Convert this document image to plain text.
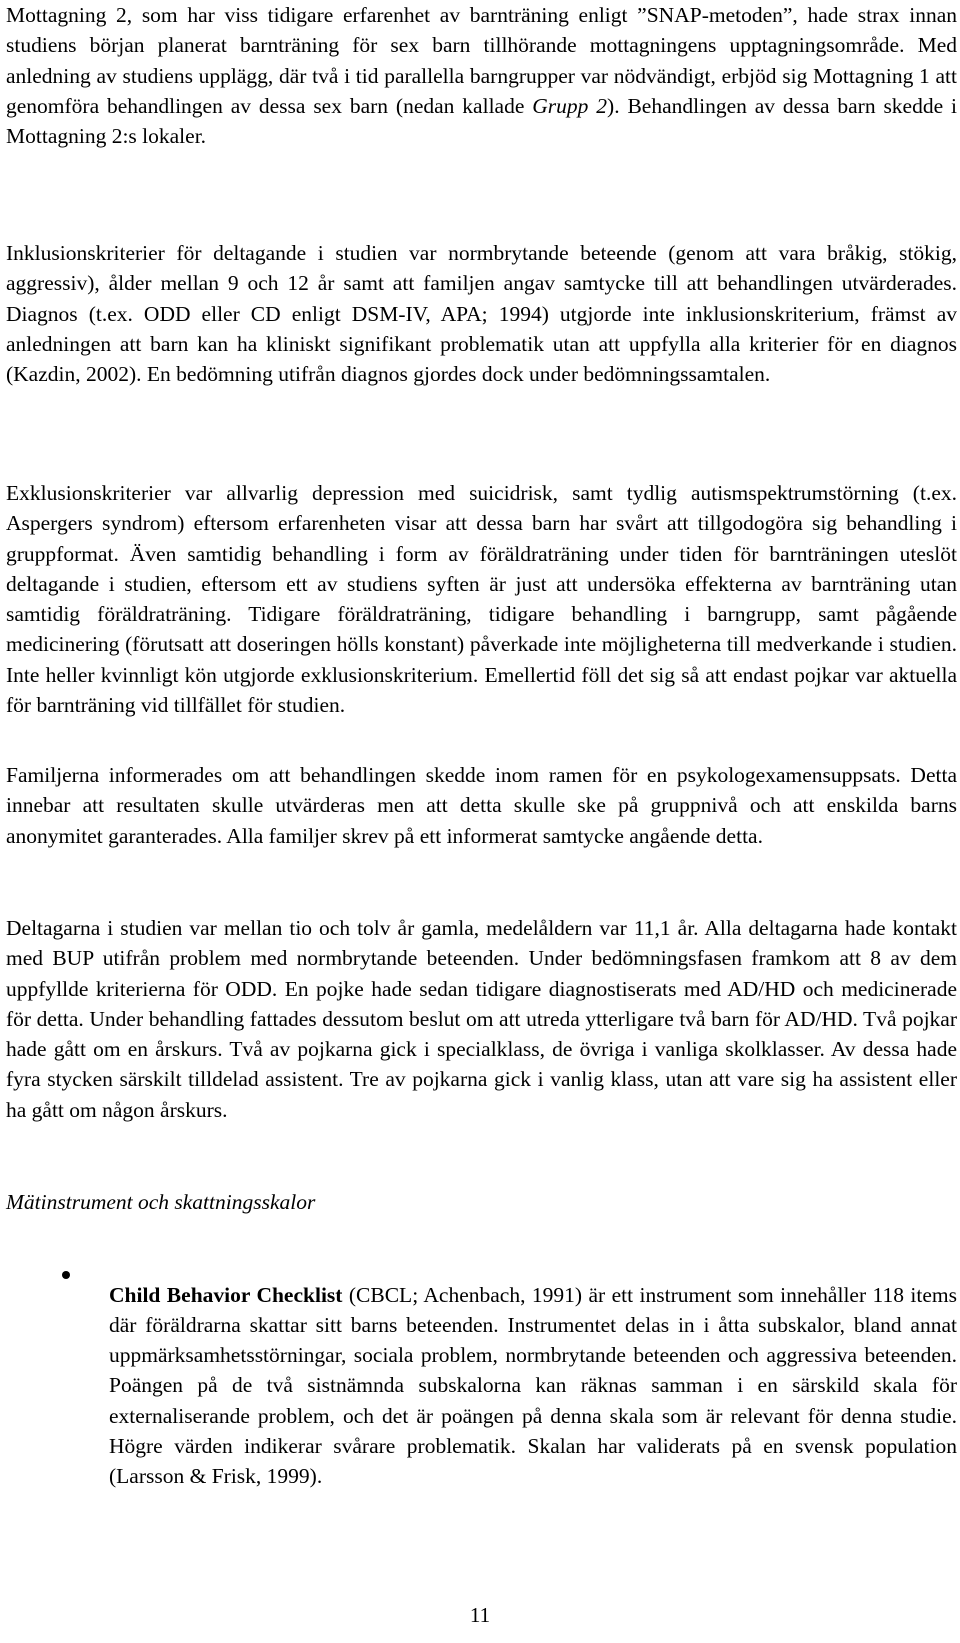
Mottagning 2, som har viss tidigare erfarenhet av barnträning enligt ”SNAP-metoden”, hade strax innan studiens början planerat barnträning för sex barn tillhörande mottagningens upptagningsområde. Med anledning av studiens upplägg, där två i tid parallella barngrupper var nödvändigt, erbjöd sig Mottagning 1 att genomföra behandlingen av dessa sex barn (nedan kallade Grupp 2). Behandlingen av dessa barn skedde i Mottagning 2:s lokaler.

Inklusionskriterier för deltagande i studien var normbrytande beteende (genom att vara bråkig, stökig, aggressiv), ålder mellan 9 och 12 år samt att familjen angav samtycke till att behandlingen utvärderades. Diagnos (t.ex. ODD eller CD enligt DSM-IV, APA; 1994) utgjorde inte inklusionskriterium, främst av anledningen att barn kan ha kliniskt signifikant problematik utan att uppfylla alla kriterier för en diagnos (Kazdin, 2002). En bedömning utifrån diagnos gjordes dock under bedömningssamtalen.

Exklusionskriterier var allvarlig depression med suicidrisk, samt tydlig autismspektrumstörning (t.ex. Aspergers syndrom) eftersom erfarenheten visar att dessa barn har svårt att tillgodogöra sig behandling i gruppformat. Även samtidig behandling i form av föräldraträning under tiden för barnträningen uteslöt deltagande i studien, eftersom ett av studiens syften är just att undersöka effekterna av barnträning utan samtidig föräldraträning. Tidigare föräldraträning, tidigare behandling i barngrupp, samt pågående medicinering (förutsatt att doseringen hölls konstant) påverkade inte möjligheterna till medverkande i studien. Inte heller kvinnligt kön utgjorde exklusionskriterium. Emellertid föll det sig så att endast pojkar var aktuella för barnträning vid tillfället för studien.

Familjerna informerades om att behandlingen skedde inom ramen för en psykologexamensuppsats. Detta innebar att resultaten skulle utvärderas men att detta skulle ske på gruppnivå och att enskilda barns anonymitet garanterades. Alla familjer skrev på ett informerat samtycke angående detta.

Deltagarna i studien var mellan tio och tolv år gamla, medelåldern var 11,1 år. Alla deltagarna hade kontakt med BUP utifrån problem med normbrytande beteenden. Under bedömningsfasen framkom att 8 av dem uppfyllde kriterierna för ODD. En pojke hade sedan tidigare diagnostiserats med AD/HD och medicinerade för detta. Under behandling fattades dessutom beslut om att utreda ytterligare två barn för AD/HD. Två pojkar hade gått om en årskurs. Två av pojkarna gick i specialklass, de övriga i vanliga skolklasser. Av dessa hade fyra stycken särskilt tilldelad assistent. Tre av pojkarna gick i vanlig klass, utan att vare sig ha assistent eller ha gått om någon årskurs.

Mätinstrument och skattningsskalor

Child Behavior Checklist (CBCL; Achenbach, 1991) är ett instrument som innehåller 118 items där föräldrarna skattar sitt barns beteenden. Instrumentet delas in i åtta subskalor, bland annat uppmärksamhetsstörningar, sociala problem, normbrytande beteenden och aggressiva beteenden. Poängen på de två sistnämnda subskalorna kan räknas samman i en särskild skala för externaliserande problem, och det är poängen på denna skala som är relevant för denna studie. Högre värden indikerar svårare problematik. Skalan har validerats på en svensk population (Larsson & Frisk, 1999).

11
